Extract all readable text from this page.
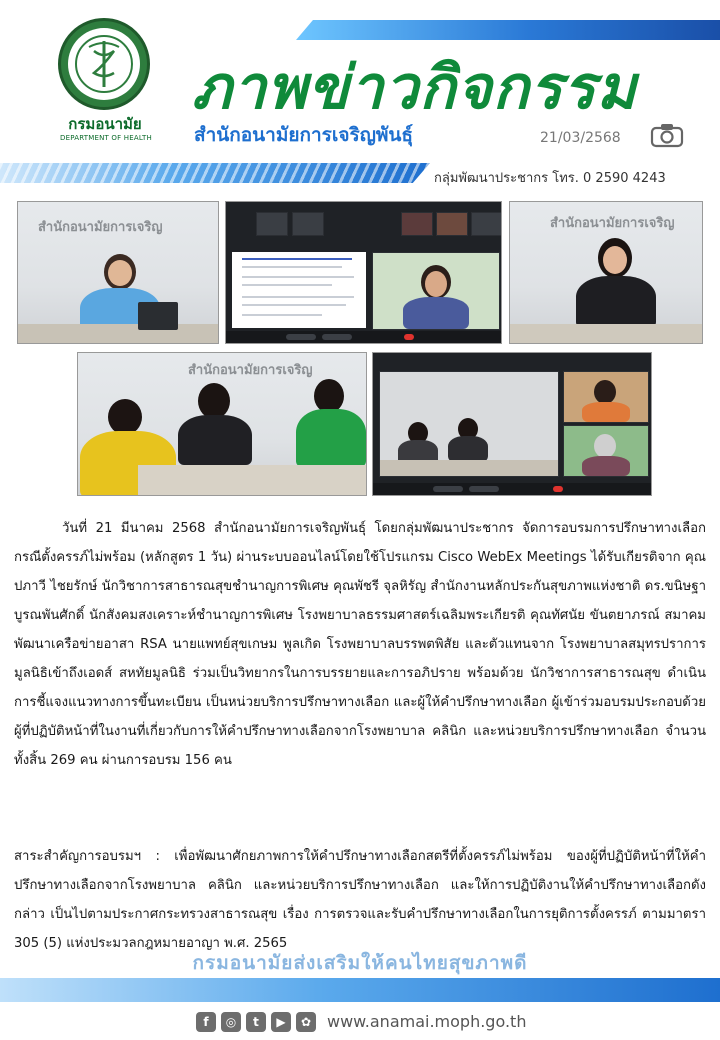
กรมอนามัย
DEPARTMENT OF HEALTH
ภาพข่าวกิจกรรม
สำนักอนามัยการเจริญพันธุ์	21/03/2568
กลุ่มพัฒนาประชากร โทร. 0 2590 4243
สำนักอนามัยการเจริญ	สำนักอนามัยการเจริญ
สำนักอนามัยการเจริญ
วันที่ 21 มีนาคม 2568 สำนักอนามัยการเจริญพันธุ์ โดยกลุ่มพัฒนาประชากร จัดการอบรมการปรึกษาทางเลือกกรณีตั้งครรภ์ไม่พร้อม (หลักสูตร 1 วัน) ผ่านระบบออนไลน์โดยใช้โปรแกรม Cisco WebEx Meetings ได้รับเกียรติจาก คุณปภาวี ไชยรักษ์ นักวิชาการสาธารณสุขชำนาญการพิเศษ คุณพัชรี จุลหิรัญ สำนักงานหลักประกันสุขภาพแห่งชาติ ดร.ขนิษฐา บูรณพันศักดิ์ นักสังคมสงเคราะห์ชำนาญการพิเศษ โรงพยาบาลธรรมศาสตร์เฉลิมพระเกียรติ คุณทัศนัย ขันตยาภรณ์ สมาคมพัฒนาเครือข่ายอาสา RSA นายแพทย์สุขเกษม พูลเกิด โรงพยาบาลบรรพตพิสัย และตัวแทนจาก โรงพยาบาลสมุทรปราการ มูลนิธิเข้าถึงเอดส์ สหทัยมูลนิธิ ร่วมเป็นวิทยากรในการบรรยายและการอภิปราย พร้อมด้วย นักวิชาการสาธารณสุข ดำเนินการชี้แจงแนวทางการขึ้นทะเบียน เป็นหน่วยบริการปรึกษาทางเลือก และผู้ให้คำปรึกษาทางเลือก ผู้เข้าร่วมอบรมประกอบด้วยผู้ที่ปฏิบัติหน้าที่ในงานที่เกี่ยวกับการให้คำปรึกษาทางเลือกจากโรงพยาบาล คลินิก และหน่วยบริการปรึกษาทางเลือก จำนวนทั้งสิ้น 269 คน ผ่านการอบรม 156 คน
สาระสำคัญการอบรมฯ : เพื่อพัฒนาศักยภาพการให้คำปรึกษาทางเลือกสตรีที่ตั้งครรภ์ไม่พร้อม ของผู้ที่ปฏิบัติหน้าที่ให้คำปรึกษาทางเลือกจากโรงพยาบาล คลินิก และหน่วยบริการปรึกษาทางเลือก และให้การปฏิบัติงานให้คำปรึกษาทางเลือกดังกล่าว เป็นไปตามประกาศกระทรวงสาธารณสุข เรื่อง การตรวจและรับคำปรึกษาทางเลือกในการยุติการตั้งครรภ์ ตามมาตรา 305 (5) แห่งประมวลกฎหมายอาญา พ.ศ. 2565
กรมอนามัยส่งเสริมให้คนไทยสุขภาพดี
f	◎	t	▶	✿ www.anamai.moph.go.th
